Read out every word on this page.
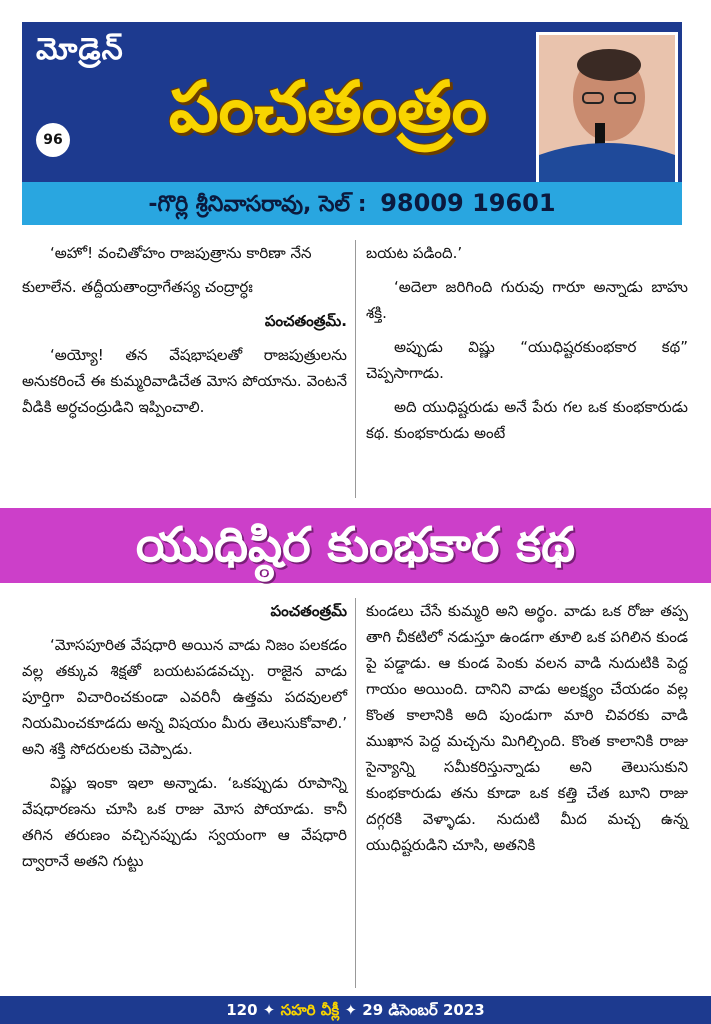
మోడ్రెన్
96	పంచతంత్రం
-గొర్లి శ్రీనివాసరావు, సెల్ : 98009 19601

‘అహో! వంచితోహం రాజపుత్రాను కారిణా నేన

కులాలేన. తద్దీయతాంద్రాగేతస్య చంద్రార్ధః

పంచతంత్రమ్.

‘అయ్యో! తన వేషభాషలతో రాజపుత్రులను అనుకరించే ఈ కుమ్మరివాడిచేత మోస పోయాను. వెంటనే వీడికి అర్ధచంద్రుడిని ఇప్పించాలి.

బయట పడింది.’

‘అదెలా జరిగింది గురువు గారూ అన్నాడు బాహు శక్తి.

అప్పుడు విష్ణు “యుధిష్టరకుంభకార కథ” చెప్పసాగాడు.

అది యుధిష్టరుడు అనే పేరు గల ఒక కుంభకారుడు కథ. కుంభకారుడు అంటే

యుధిష్ఠిర కుంభకార కథ

పంచతంత్రమ్

‘మోసపూరిత వేషధారి అయిన వాడు నిజం పలకడం వల్ల తక్కువ శిక్షతో బయటపడవచ్చు. రాజైన వాడు పూర్తిగా విచారించకుండా ఎవరినీ ఉత్తమ పదవులలో నియమించకూడదు అన్న విషయం మీరు తెలుసుకోవాలి.’ అని శక్తి సోదరులకు చెప్పాడు.

విష్ణు ఇంకా ఇలా అన్నాడు. ‘ఒకప్పుడు రూపాన్ని వేషధారణను చూసి ఒక రాజు మోస పోయాడు. కానీ తగిన తరుణం వచ్చినప్పుడు స్వయంగా ఆ వేషధారి ద్వారానే అతని గుట్టు

కుండలు చేసే కుమ్మరి అని అర్థం. వాడు ఒక రోజు తప్ప తాగి చీకటిలో నడుస్తూ ఉండగా తూలి ఒక పగిలిన కుండ పై పడ్డాడు. ఆ కుండ పెంకు వలన వాడి నుదుటికి పెద్ద గాయం అయింది. దానిని వాడు అలక్ష్యం చేయడం వల్ల కొంత కాలానికి అది పుండుగా మారి చివరకు వాడి ముఖాన పెద్ద మచ్చను మిగిల్చింది. కొంత కాలానికి రాజు సైన్యాన్ని సమీకరిస్తున్నాడు అని తెలుసుకుని కుంభకారుడు తను కూడా ఒక కత్తి చేత బూని రాజు దగ్గరకి వెళ్ళాడు. నుదుటి మీద మచ్చ ఉన్న యుధిష్టరుడిని చూసి, అతనికి

120 ✦ సహరి వీక్లీ ✦ 29 డిసెంబర్ 2023
